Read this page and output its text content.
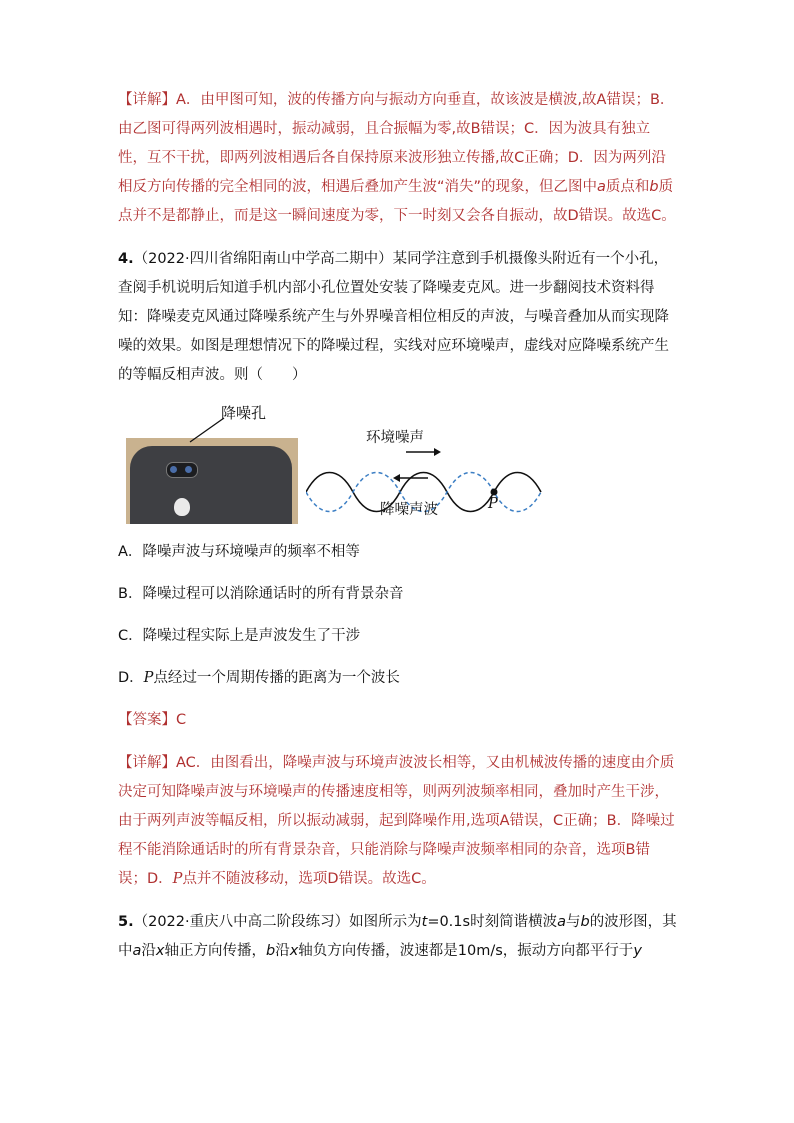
【详解】A．由甲图可知，波的传播方向与振动方向垂直，故该波是横波,故A错误；B．由乙图可得两列波相遇时，振动减弱，且合振幅为零,故B错误；C．因为波具有独立性，互不干扰，即两列波相遇后各自保持原来波形独立传播,故C正确；D．因为两列沿相反方向传播的完全相同的波，相遇后叠加产生波“消失”的现象，但乙图中a质点和b质点并不是都静止，而是这一瞬间速度为零，下一时刻又会各自振动，故D错误。故选C。

4.（2022·四川省绵阳南山中学高二期中）某同学注意到手机摄像头附近有一个小孔，查阅手机说明后知道手机内部小孔位置处安装了降噪麦克风。进一步翻阅技术资料得知：降噪麦克风通过降噪系统产生与外界噪音相位相反的声波，与噪音叠加从而实现降噪的效果。如图是理想情况下的降噪过程，实线对应环境噪声，虚线对应降噪系统产生的等幅反相声波。则（　　）

降噪孔
环境噪声
降噪声波	P

A．降噪声波与环境噪声的频率不相等

B．降噪过程可以消除通话时的所有背景杂音

C．降噪过程实际上是声波发生了干涉

D．P点经过一个周期传播的距离为一个波长

【答案】C

【详解】AC．由图看出，降噪声波与环境声波波长相等，又由机械波传播的速度由介质决定可知降噪声波与环境噪声的传播速度相等，则两列波频率相同，叠加时产生干涉，由于两列声波等幅反相，所以振动减弱，起到降噪作用,选项A错误，C正确；B．降噪过程不能消除通话时的所有背景杂音，只能消除与降噪声波频率相同的杂音，选项B错误；D．P点并不随波移动，选项D错误。故选C。

5.（2022·重庆八中高二阶段练习）如图所示为t=0.1s时刻简谐横波a与b的波形图，其中a沿x轴正方向传播，b沿x轴负方向传播，波速都是10m/s，振动方向都平行于y
